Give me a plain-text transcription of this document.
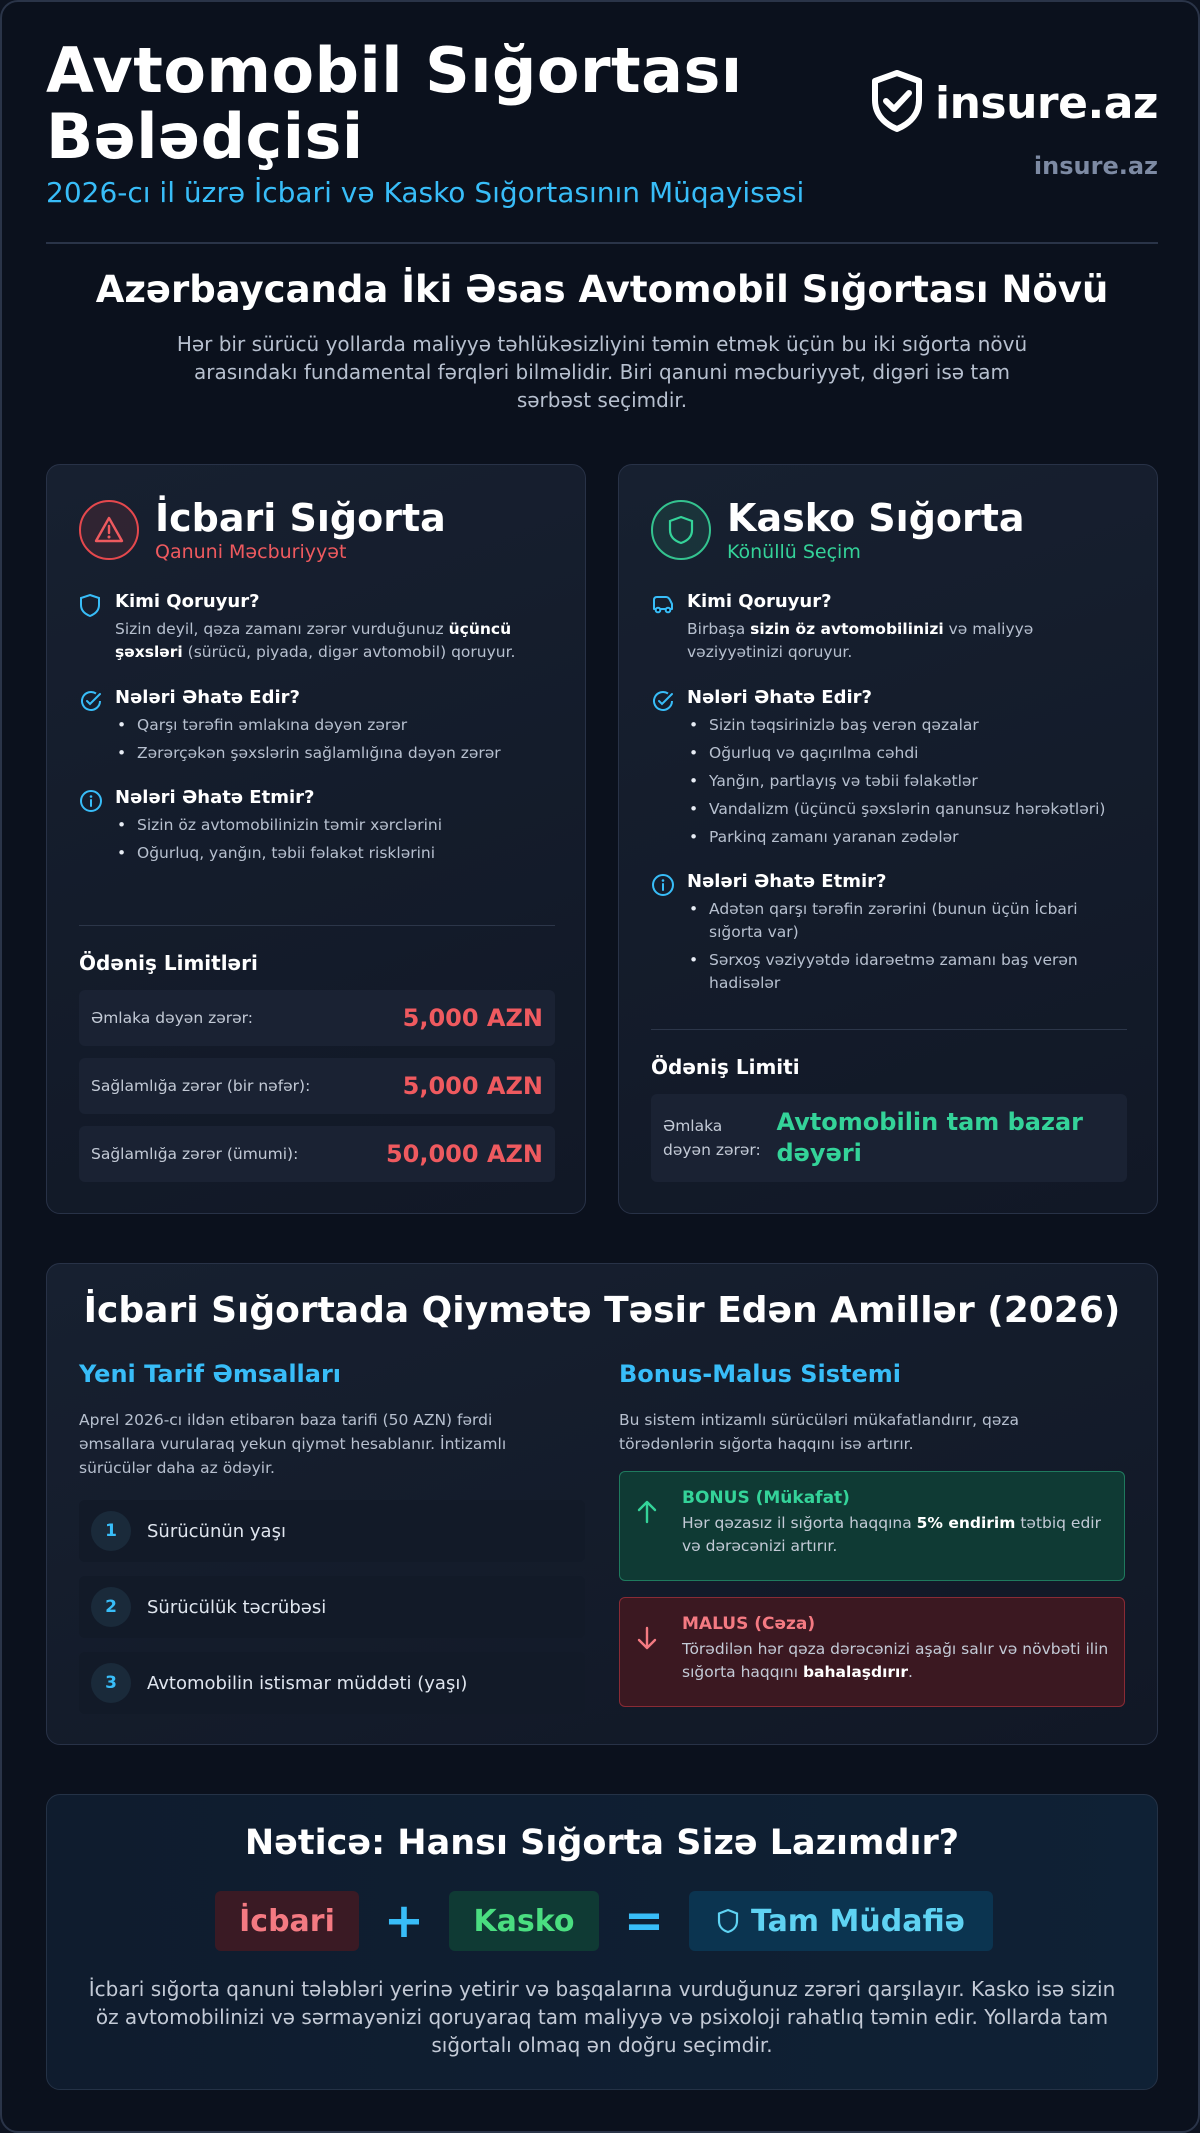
Avtomobil Sığortası Bələdçisi
2026-cı il üzrə İcbari və Kasko Sığortasının Müqayisəsi
insure.az
insure.az
Azərbaycanda İki Əsas Avtomobil Sığortası Növü
Hər bir sürücü yollarda maliyyə təhlükəsizliyini təmin etmək üçün bu iki sığorta növü arasındakı fundamental fərqləri bilməlidir. Biri qanuni məcburiyyət, digəri isə tam sərbəst seçimdir.
İcbari Sığorta
Qanuni Məcburiyyət
Kimi Qoruyur?
Sizin deyil, qəza zamanı zərər vurduğunuz üçüncü şəxsləri (sürücü, piyada, digər avtomobil) qoruyur.
Nələri Əhatə Edir?
• Qarşı tərəfin əmlakına dəyən zərər
• Zərərçəkən şəxslərin sağlamlığına dəyən zərər
Nələri Əhatə Etmir?
• Sizin öz avtomobilinizin təmir xərclərini
• Oğurluq, yanğın, təbii fəlakət risklərini
Ödəniş Limitləri
Əmlaka dəyən zərər:	5,000 AZN
Sağlamlığa zərər (bir nəfər):	5,000 AZN
Sağlamlığa zərər (ümumi):	50,000 AZN
Kasko Sığorta
Könüllü Seçim
Kimi Qoruyur?
Birbaşa sizin öz avtomobilinizi və maliyyə vəziyyətinizi qoruyur.
Nələri Əhatə Edir?
• Sizin təqsirinizlə baş verən qəzalar
• Oğurluq və qaçırılma cəhdi
• Yanğın, partlayış və təbii fəlakətlər
• Vandalizm (üçüncü şəxslərin qanunsuz hərəkətləri)
• Parkinq zamanı yaranan zədələr
Nələri Əhatə Etmir?
• Adətən qarşı tərəfin zərərini (bunun üçün İcbari sığorta var)
• Sərxoş vəziyyətdə idarəetmə zamanı baş verən hadisələr
Ödəniş Limiti
Əmlaka dəyən zərər:
Avtomobilin tam bazar dəyəri
İcbari Sığortada Qiymətə Təsir Edən Amillər (2026)
Yeni Tarif Əmsalları
Aprel 2026-cı ildən etibarən baza tarifi (50 AZN) fərdi əmsallara vurularaq yekun qiymət hesablanır. İntizamlı sürücülər daha az ödəyir.
1	Sürücünün yaşı
2	Sürücülük təcrübəsi
3	Avtomobilin istismar müddəti (yaşı)
Bonus-Malus Sistemi
Bu sistem intizamlı sürücüləri mükafatlandırır, qəza törədənlərin sığorta haqqını isə artırır.
BONUS (Mükafat)
Hər qəzasız il sığorta haqqına 5% endirim tətbiq edir və dərəcənizi artırır.
MALUS (Cəza)
Törədilən hər qəza dərəcənizi aşağı salır və növbəti ilin sığorta haqqını bahalaşdırır.
Nəticə: Hansı Sığorta Sizə Lazımdır?
İcbari	+	Kasko	=	Tam Müdafiə
İcbari sığorta qanuni tələbləri yerinə yetirir və başqalarına vurduğunuz zərəri qarşılayır. Kasko isə sizin öz avtomobilinizi və sərmayənizi qoruyaraq tam maliyyə və psixoloji rahatlıq təmin edir. Yollarda tam sığortalı olmaq ən doğru seçimdir.
